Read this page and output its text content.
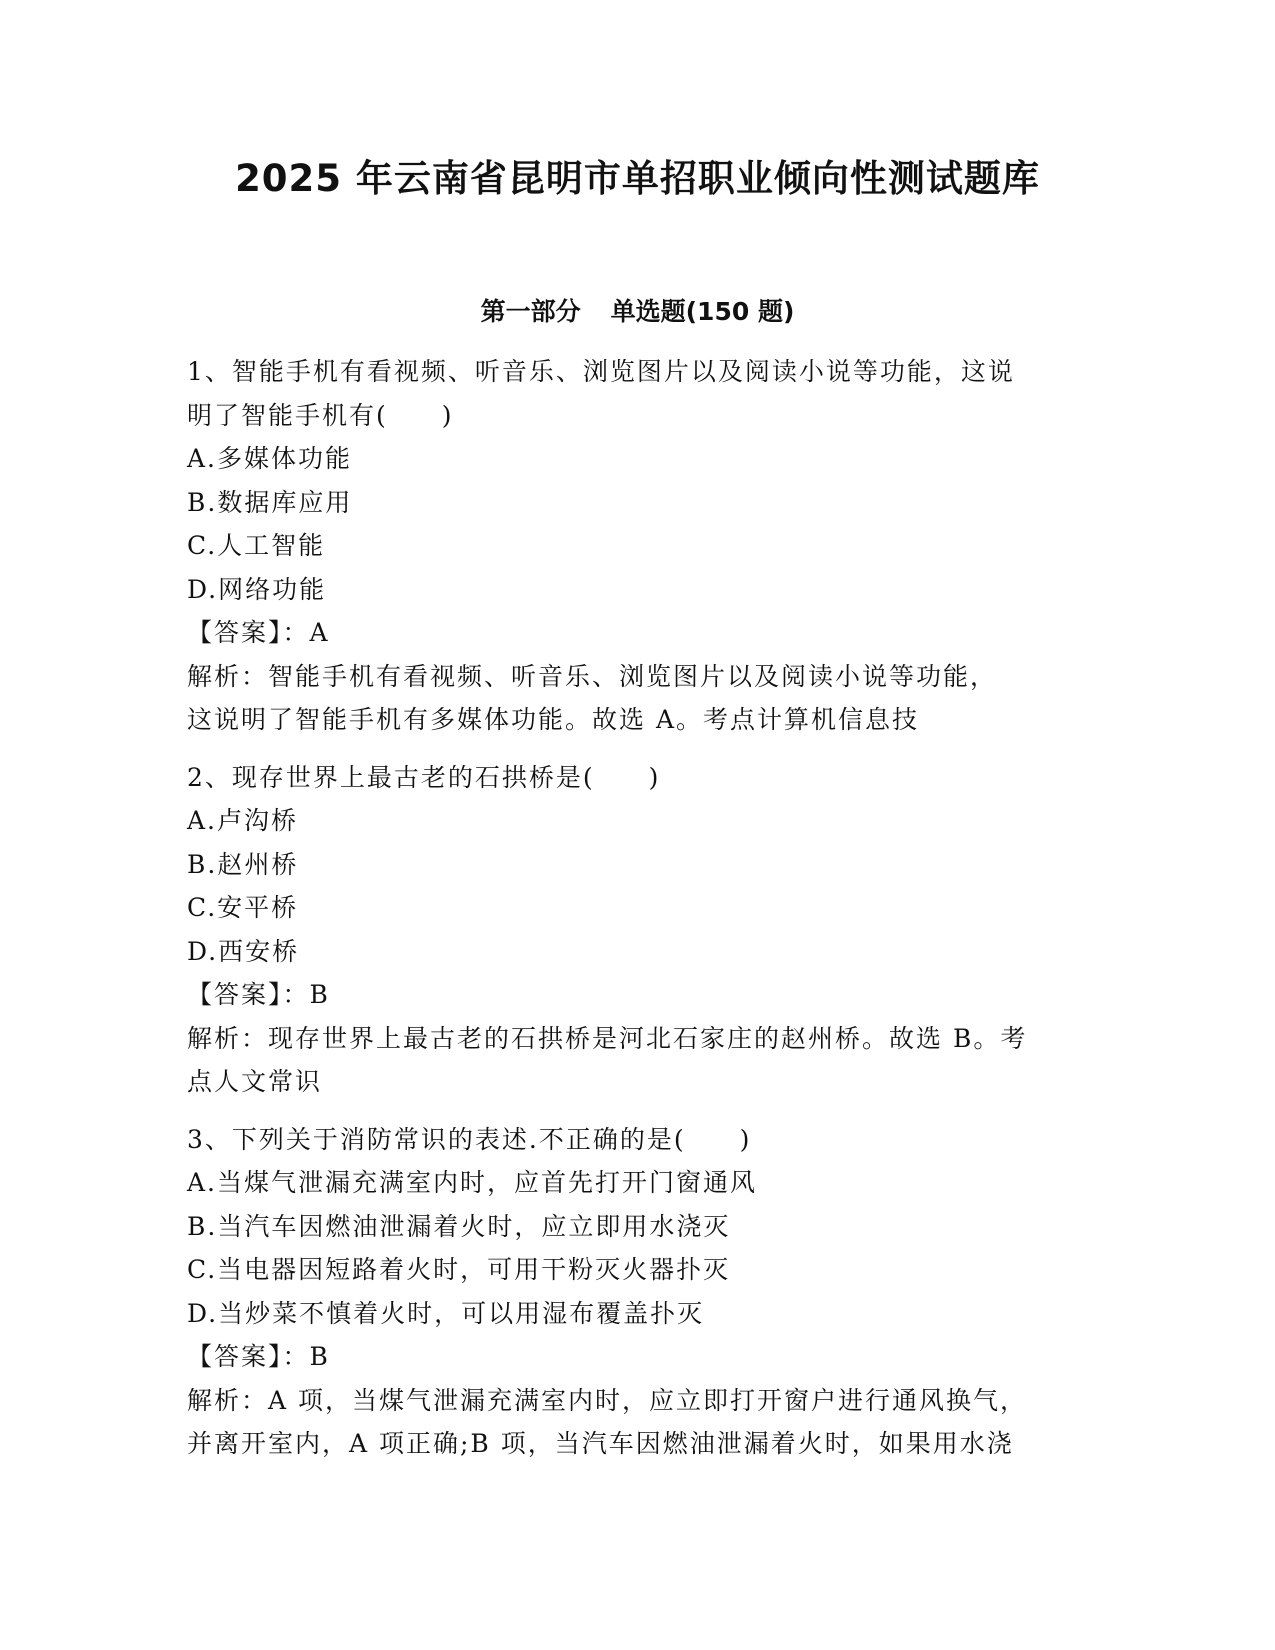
2025 年云南省昆明市单招职业倾向性测试题库
第一部分 单选题(150 题)
1、智能手机有看视频、听音乐、浏览图片以及阅读小说等功能，这说
明了智能手机有(　　)
A.多媒体功能
B.数据库应用
C.人工智能
D.网络功能
【答案】：A
解析：智能手机有看视频、听音乐、浏览图片以及阅读小说等功能，
这说明了智能手机有多媒体功能。故选 A。考点计算机信息技
2、现存世界上最古老的石拱桥是(　　)
A.卢沟桥
B.赵州桥
C.安平桥
D.西安桥
【答案】：B
解析：现存世界上最古老的石拱桥是河北石家庄的赵州桥。故选 B。考
点人文常识
3、下列关于消防常识的表述.不正确的是(　　)
A.当煤气泄漏充满室内时，应首先打开门窗通风
B.当汽车因燃油泄漏着火时，应立即用水浇灭
C.当电器因短路着火时，可用干粉灭火器扑灭
D.当炒菜不慎着火时，可以用湿布覆盖扑灭
【答案】：B
解析：A 项，当煤气泄漏充满室内时，应立即打开窗户进行通风换气，
并离开室内，A 项正确;B 项，当汽车因燃油泄漏着火时，如果用水浇
